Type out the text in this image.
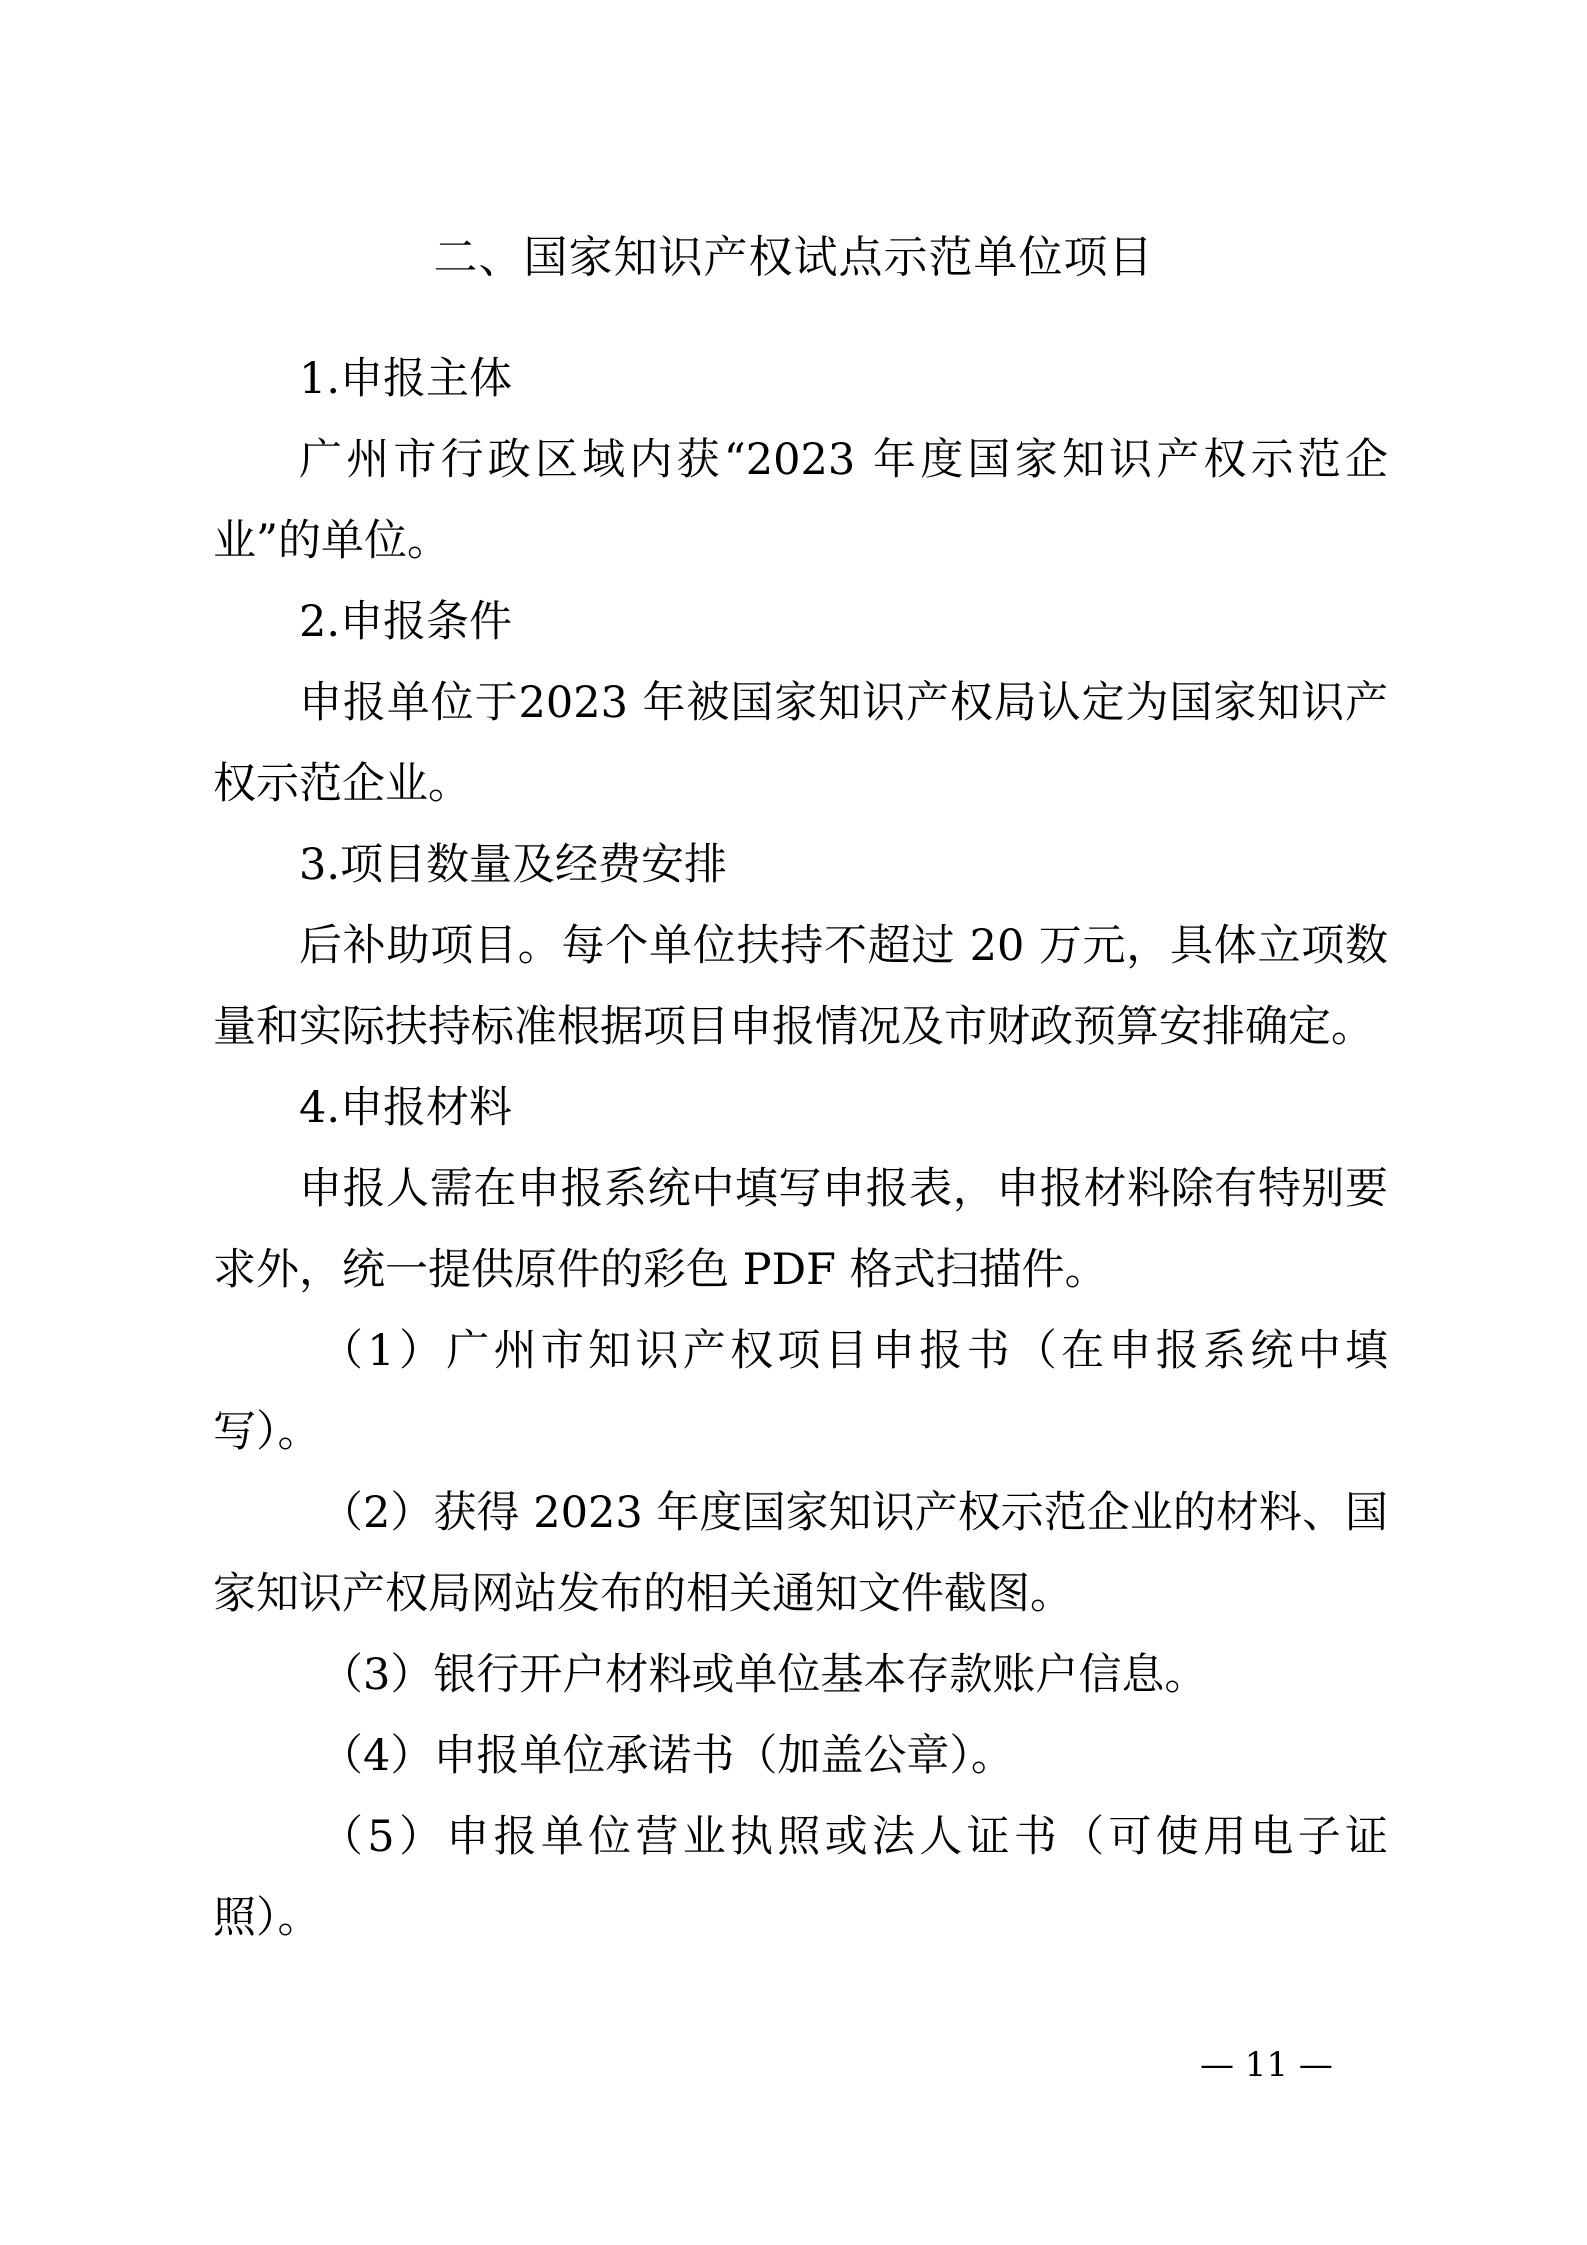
二、国家知识产权试点示范单位项目

1.申报主体

广州市行政区域内获“2023 年度国家知识产权示范企业”的单位。

2.申报条件

申报单位于2023 年被国家知识产权局认定为国家知识产权示范企业。

3.项目数量及经费安排

后补助项目。每个单位扶持不超过 20 万元，具体立项数量和实际扶持标准根据项目申报情况及市财政预算安排确定。

4.申报材料

申报人需在申报系统中填写申报表，申报材料除有特别要求外，统一提供原件的彩色 PDF 格式扫描件。

（1）广州市知识产权项目申报书（在申报系统中填写）。

（2）获得 2023 年度国家知识产权示范企业的材料、国家知识产权局网站发布的相关通知文件截图。

（3）银行开户材料或单位基本存款账户信息。

（4）申报单位承诺书（加盖公章）。

（5）申报单位营业执照或法人证书（可使用电子证照）。

— 11 —
